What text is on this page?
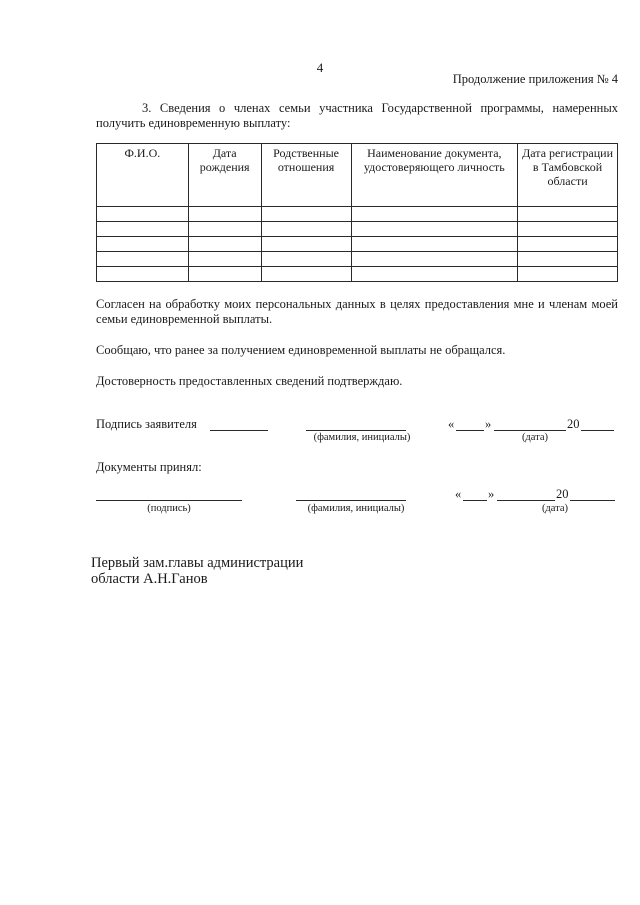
4
Продолжение приложения № 4
3. Сведения о членах семьи участника Государственной программы, намеренных получить единовременную выплату:
Ф.И.О.	Дата рождения	Родственные отношения	Наименование документа, удостоверяющего личность	Дата регистрации в Тамбовской области

Согласен на обработку моих персональных данных в целях предоставления мне и членам моей семьи единовременной выплаты.
Сообщаю, что ранее за получением единовременной выплаты не обращался.
Достоверность предоставленных сведений подтверждаю.
Подпись заявителя
(фамилия, инициалы)
« »	20
(дата)
Документы принял:
(подпись)	(фамилия, инициалы)
« »	20
(дата)
Первый зам.главы администрации
области А.Н.Ганов
